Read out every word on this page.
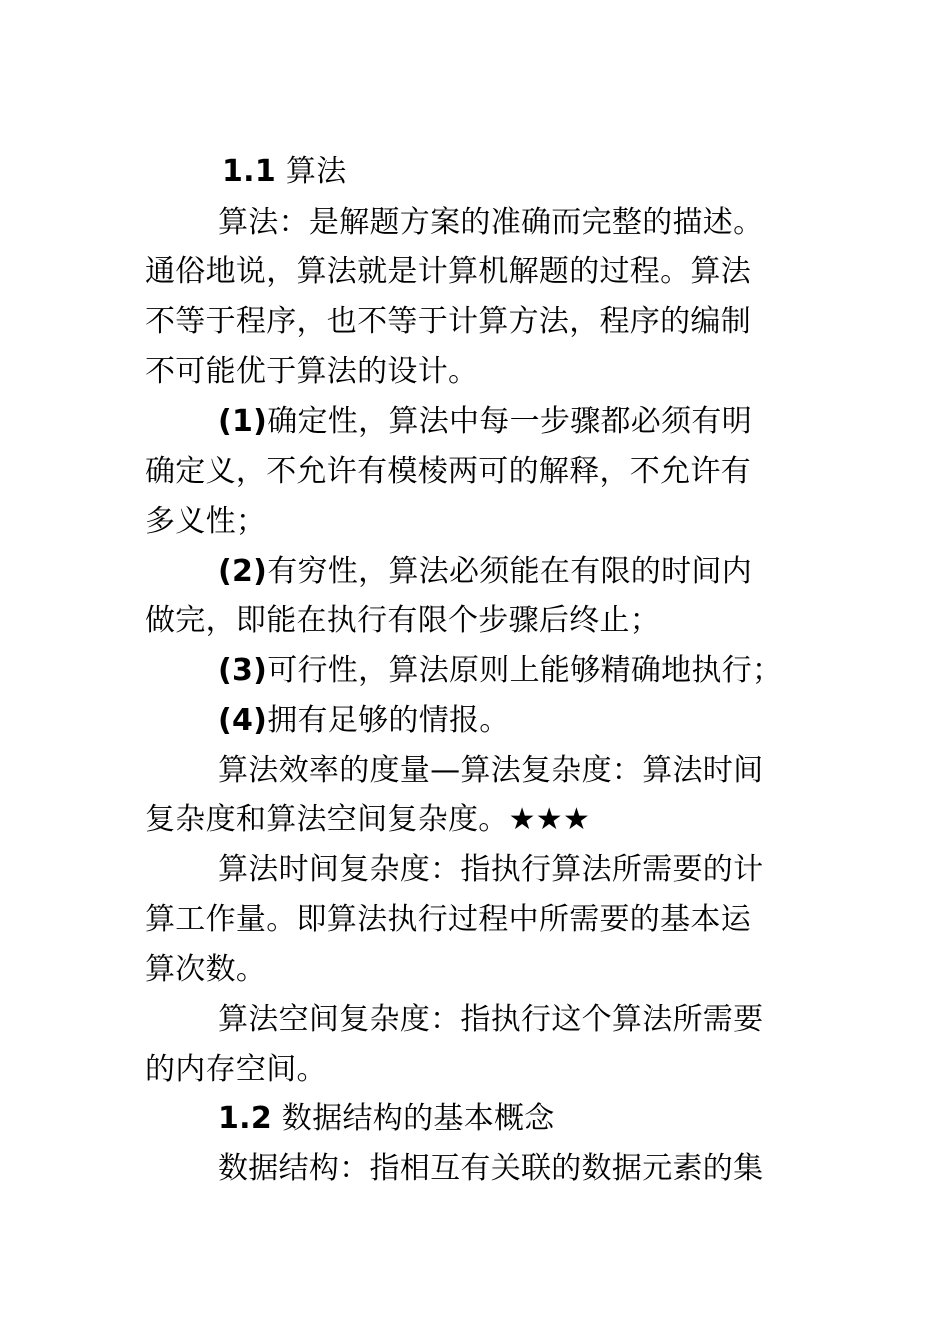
1.1 算法
算法：是解题方案的准确而完整的描述。
通俗地说，算法就是计算机解题的过程。算法
不等于程序，也不等于计算方法，程序的编制
不可能优于算法的设计。
(1)确定性，算法中每一步骤都必须有明
确定义，不允许有模棱两可的解释，不允许有
多义性；
(2)有穷性，算法必须能在有限的时间内
做完，即能在执行有限个步骤后终止；
(3)可行性，算法原则上能够精确地执行；
(4)拥有足够的情报。
算法效率的度量—算法复杂度：算法时间
复杂度和算法空间复杂度。★★★
算法时间复杂度：指执行算法所需要的计
算工作量。即算法执行过程中所需要的基本运
算次数。
算法空间复杂度：指执行这个算法所需要
的内存空间。
1.2 数据结构的基本概念
数据结构：指相互有关联的数据元素的集
